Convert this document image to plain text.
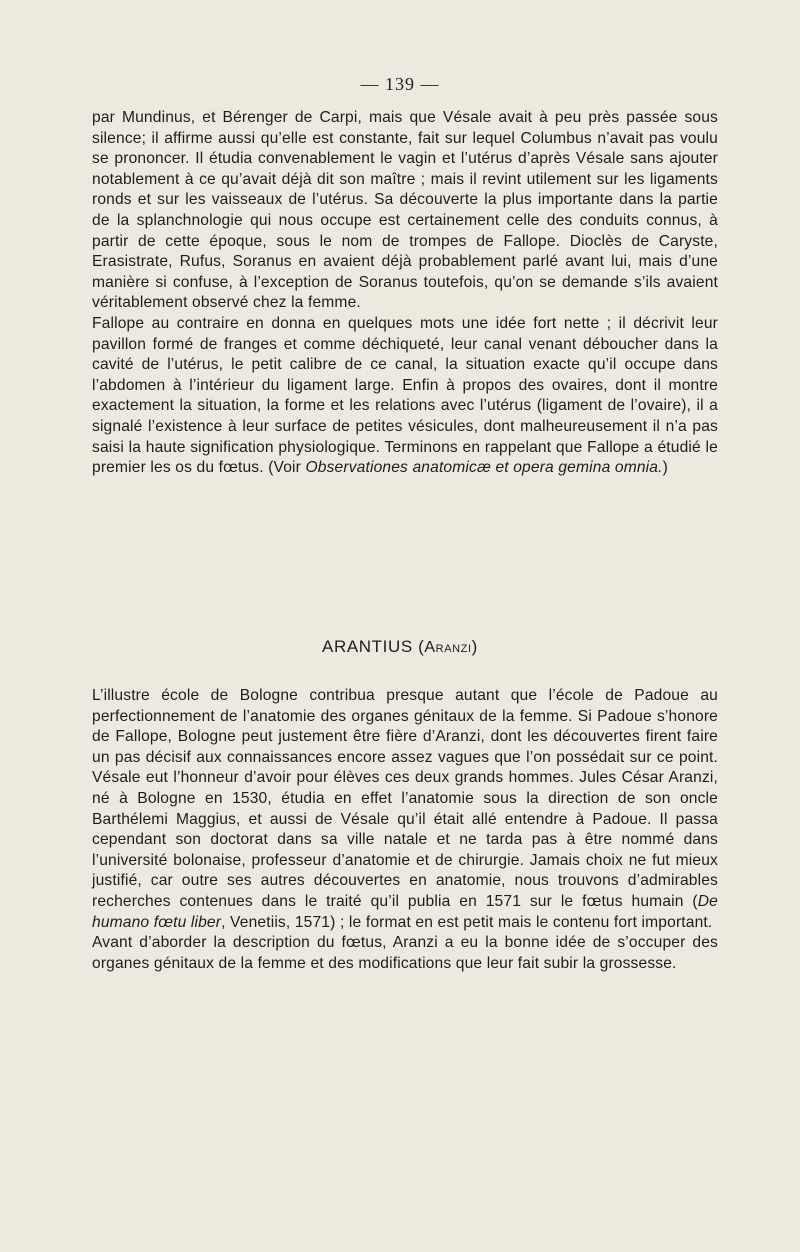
— 139 —

par Mundinus, et Bérenger de Carpi, mais que Vésale avait à peu près passée sous silence; il affirme aussi qu’elle est constante, fait sur lequel Columbus n’avait pas voulu se prononcer. Il étudia convenablement le vagin et l’utérus d’après Vésale sans ajouter notablement à ce qu’avait déjà dit son maître ; mais il revint utilement sur les ligaments ronds et sur les vaisseaux de l’utérus. Sa découverte la plus importante dans la partie de la splanchnologie qui nous occupe est certainement celle des conduits connus, à partir de cette époque, sous le nom de trompes de Fallope. Dioclès de Caryste, Erasistrate, Rufus, Soranus en avaient déjà probablement parlé avant lui, mais d’une manière si confuse, à l’exception de Soranus toutefois, qu’on se demande s’ils avaient véritablement observé chez la femme.

Fallope au contraire en donna en quelques mots une idée fort nette ; il décrivit leur pavillon formé de franges et comme déchiqueté, leur canal venant déboucher dans la cavité de l’utérus, le petit calibre de ce canal, la situation exacte qu’il occupe dans l’abdomen à l’intérieur du ligament large. Enfin à propos des ovaires, dont il montre exactement la situation, la forme et les relations avec l’utérus (ligament de l’ovaire), il a signalé l’existence à leur surface de petites vésicules, dont malheureusement il n’a pas saisi la haute signification physiologique. Terminons en rappelant que Fallope a étudié le premier les os du fœtus. (Voir Observationes anatomicæ et opera gemina omnia.)

ARANTIUS (Aranzi)

L’illustre école de Bologne contribua presque autant que l’école de Padoue au perfectionnement de l’anatomie des organes génitaux de la femme. Si Padoue s’honore de Fallope, Bologne peut justement être fière d’Aranzi, dont les découvertes firent faire un pas décisif aux connaissances encore assez vagues que l’on possédait sur ce point. Vésale eut l’honneur d’avoir pour élèves ces deux grands hommes. Jules César Aranzi, né à Bologne en 1530, étudia en effet l’anatomie sous la direction de son oncle Barthélemi Maggius, et aussi de Vésale qu’il était allé entendre à Padoue. Il passa cependant son doctorat dans sa ville natale et ne tarda pas à être nommé dans l’université bolonaise, professeur d’anatomie et de chirurgie. Jamais choix ne fut mieux justifié, car outre ses autres découvertes en anatomie, nous trouvons d’admirables recherches contenues dans le traité qu’il publia en 1571 sur le fœtus humain (De humano fœtu liber, Venetiis, 1571) ; le format en est petit mais le contenu fort important.

Avant d’aborder la description du fœtus, Aranzi a eu la bonne idée de s’occuper des organes génitaux de la femme et des modifications que leur fait subir la grossesse.
